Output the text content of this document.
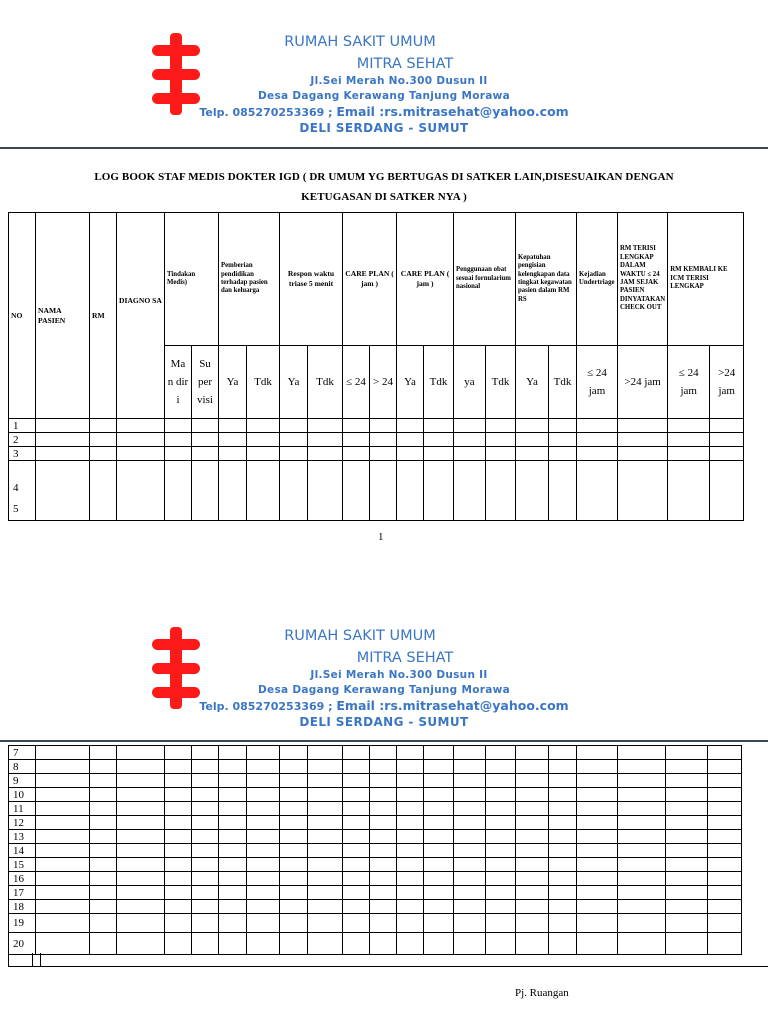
RUMAH SAKIT UMUM
MITRA SEHAT
Jl.Sei Merah No.300 Dusun II
Desa Dagang Kerawang Tanjung Morawa
Telp. 085270253369 ; Email :rs.mitrasehat@yahoo.com
DELI SERDANG - SUMUT
LOG BOOK STAF MEDIS DOKTER IGD ( DR UMUM YG BERTUGAS DI SATKER LAIN,DISESUAIKAN DENGAN
KETUGASAN DI SATKER NYA )
NO	NAMA PASIEN	RM	DIAGNO SA	Tindakan Medis)		Pemberian pendidikan terhadap pasien dan keluarga		Respon waktu triase 5 menit		CARE PLAN ( jam )		CARE PLAN ( jam )		Penggunaan obat sesuai fornularium nasional		Kepatuhan pengisian kelengkapan data tingkat kegawatan pasien dalam RM RS		Kejadian Undertriage	RM TERISI LENGKAP DALAM WAKTU ≤ 24 JAM SEJAK PASIEN DINYATAKAN CHECK OUT	RM KEMBALI KE ICM TERISI LENGKAP	
				Ma n dir i	Su per visi	Ya	Tdk	Ya	Tdk	≤ 24	> 24	Ya	Tdk	ya	Tdk	Ya	Tdk	≤ 24 jam	>24 jam	≤ 24 jam	>24 jam
1																					
2																					
3																					

4
5																					

1
RUMAH SAKIT UMUM
MITRA SEHAT
Jl.Sei Merah No.300 Dusun II
Desa Dagang Kerawang Tanjung Morawa
Telp. 085270253369 ; Email :rs.mitrasehat@yahoo.com
DELI SERDANG - SUMUT
7																					
8																					
9																					
10																					
11																					
12																					
13																					
14																					
15																					
16																					
17																					
18																					
19																					
20																					
Pj. Ruangan
